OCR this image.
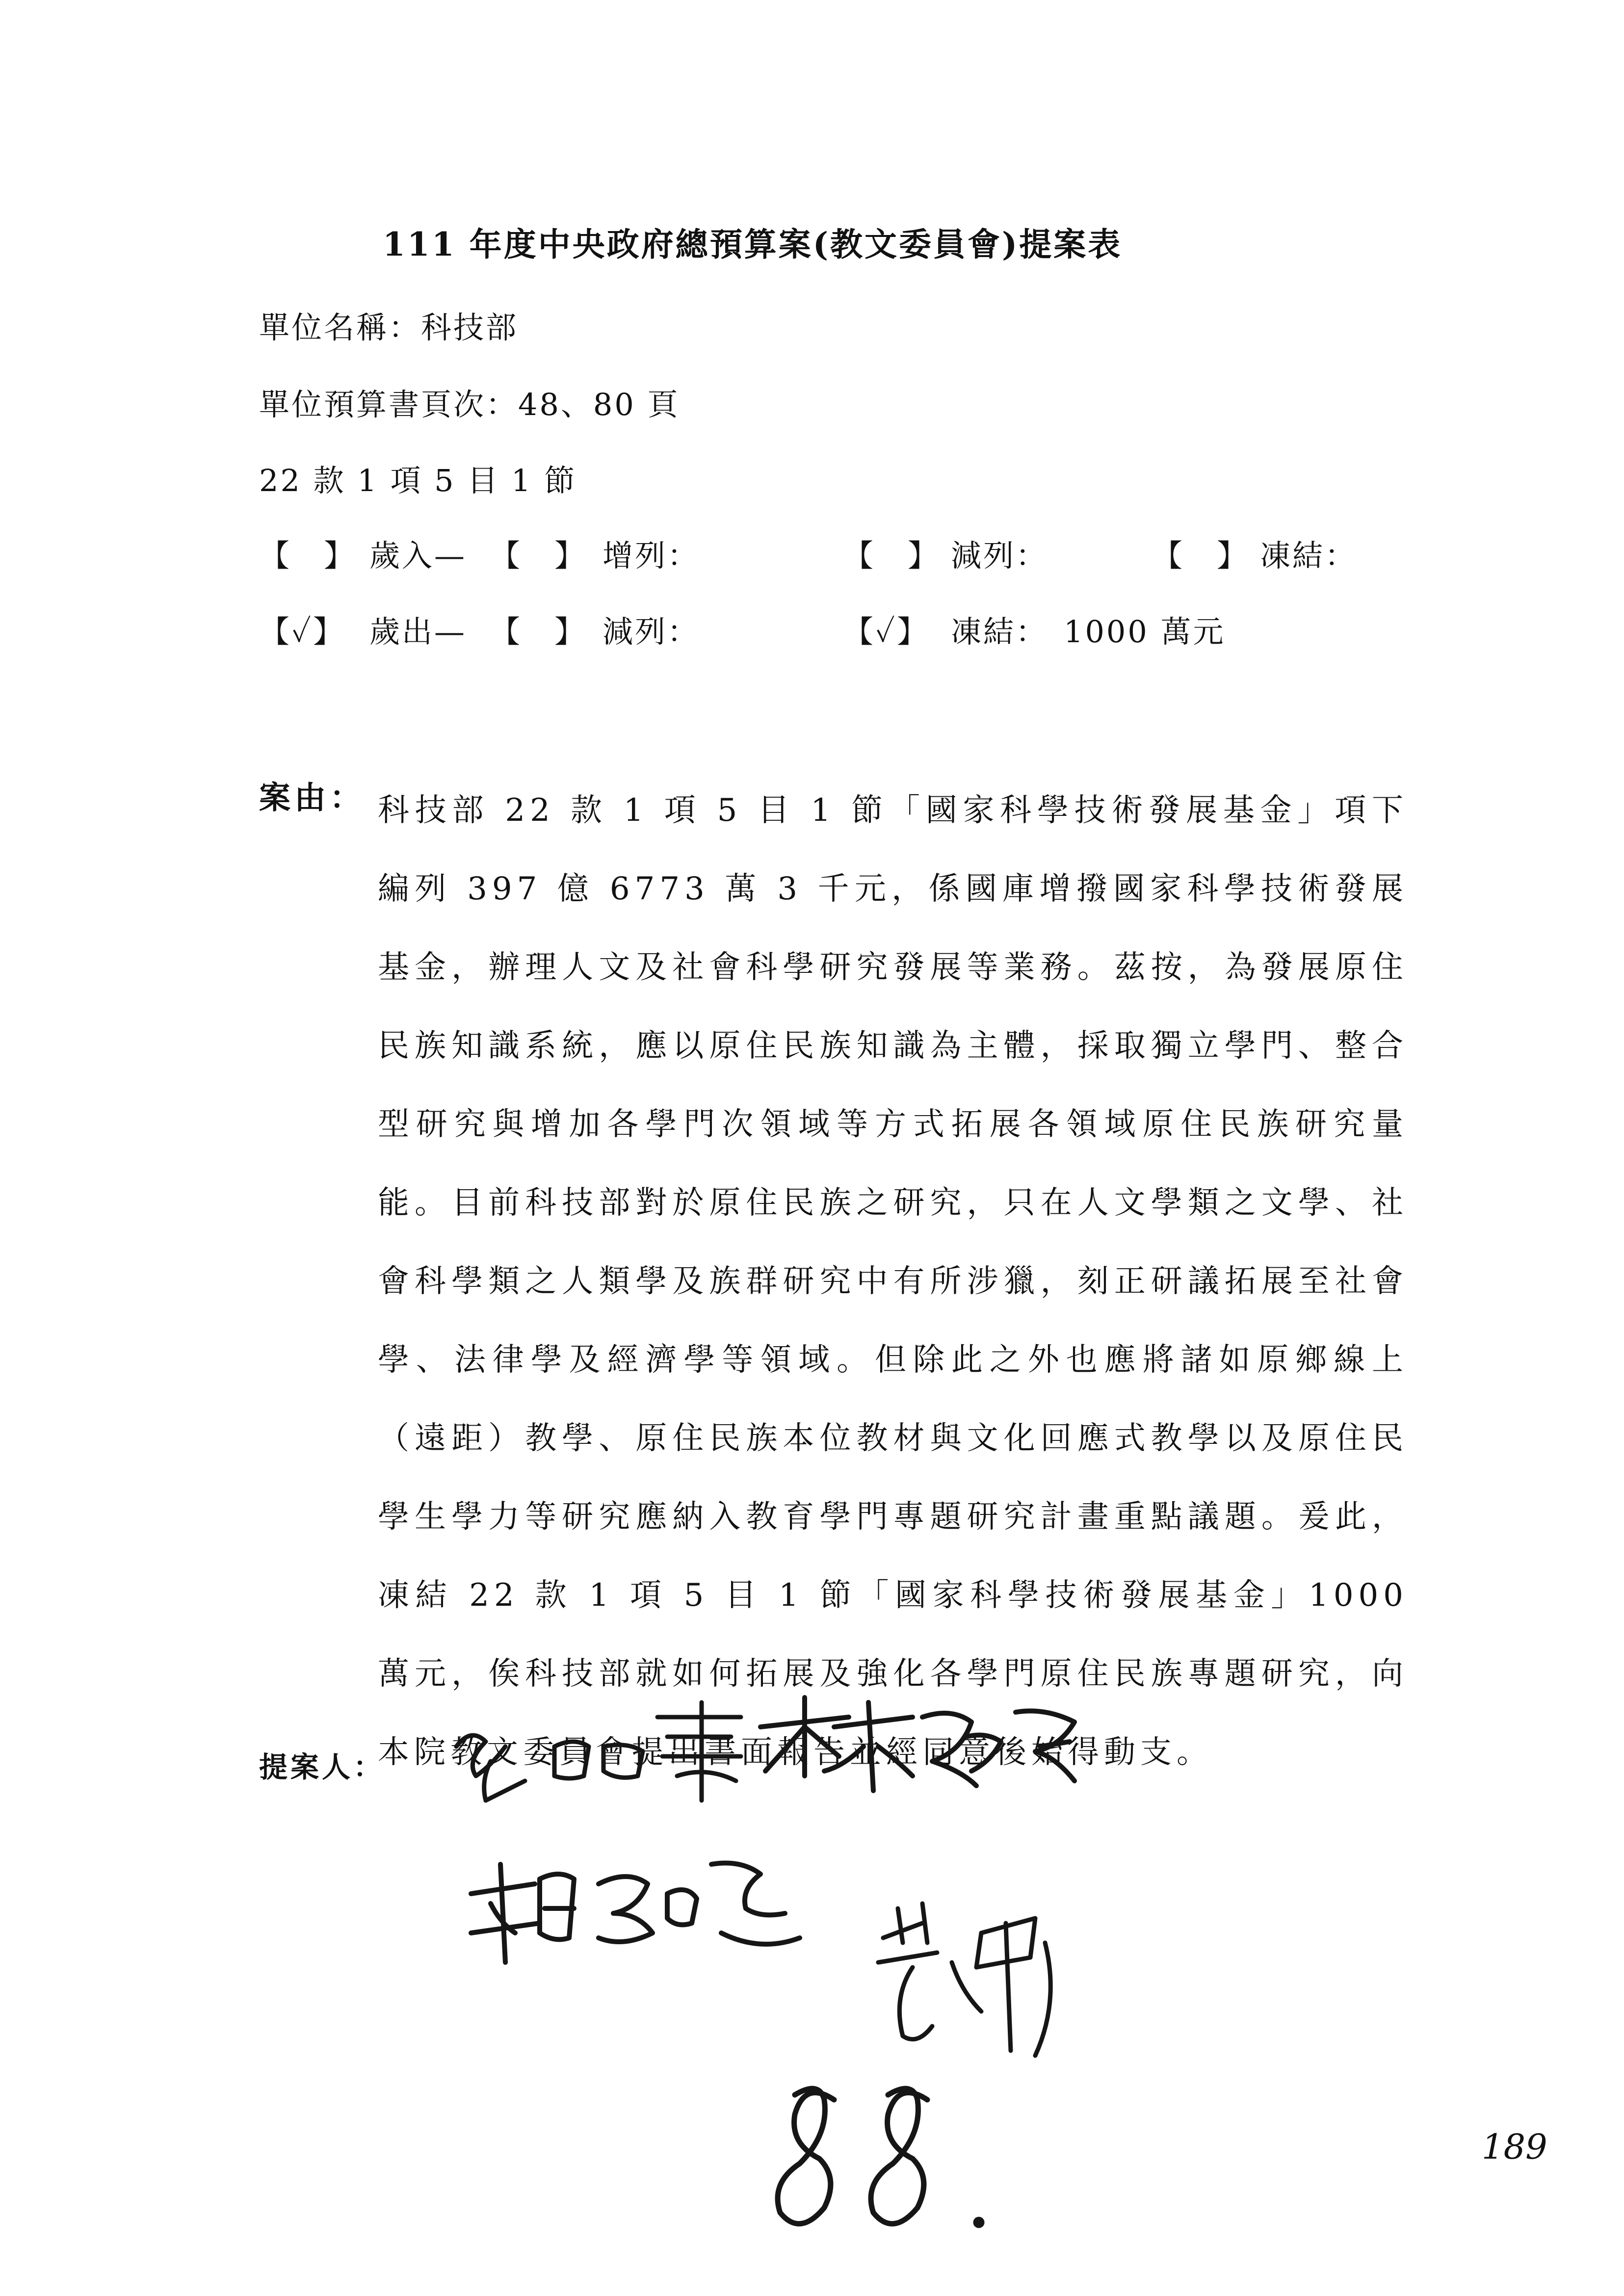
111 年度中央政府總預算案(教文委員會)提案表
單位名稱：科技部
單位預算書頁次：48、80 頁
22 款 1 項 5 目 1 節
【　】 歲入— 【　】 增列：	【　】 減列：	【　】 凍結：
【✓】 歲出— 【　】 減列：	【✓】 凍結： 1000 萬元
案由： 科技部 22 款 1 項 5 目 1 節「國家科學技術發展基金」項下編列 397 億 6773 萬 3 千元，係國庫增撥國家科學技術發展基金，辦理人文及社會科學研究發展等業務。茲按，為發展原住民族知識系統，應以原住民族知識為主體，採取獨立學門、整合型研究與增加各學門次領域等方式拓展各領域原住民族研究量能。目前科技部對於原住民族之研究，只在人文學類之文學、社會科學類之人類學及族群研究中有所涉獵，刻正研議拓展至社會學、法律學及經濟學等領域。但除此之外也應將諸如原鄉線上（遠距）教學、原住民族本位教材與文化回應式教學以及原住民學生學力等研究應納入教育學門專題研究計畫重點議題。爰此，凍結 22 款 1 項 5 目 1 節「國家科學技術發展基金」1000 萬元，俟科技部就如何拓展及強化各學門原住民族專題研究，向本院教文委員會提出書面報告並經同意後始得動支。
提案人：
189
